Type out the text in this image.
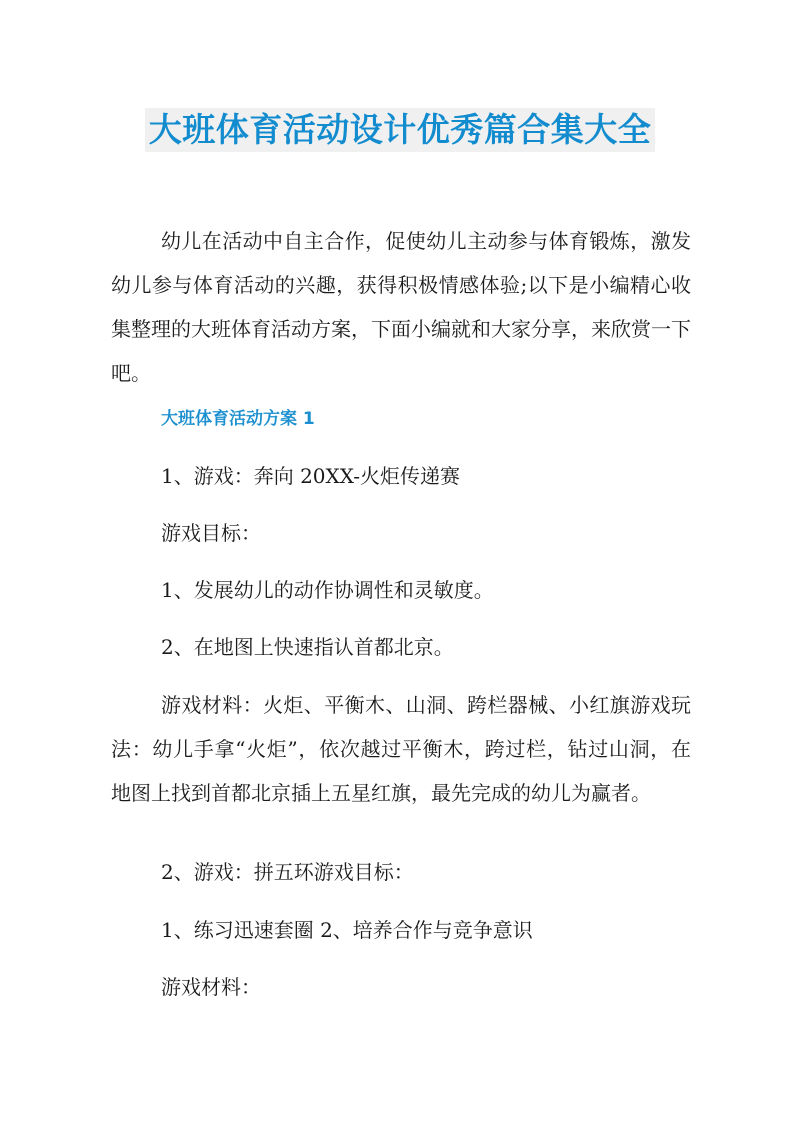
大班体育活动设计优秀篇合集大全

幼儿在活动中自主合作，促使幼儿主动参与体育锻炼，激发幼儿参与体育活动的兴趣，获得积极情感体验;以下是小编精心收集整理的大班体育活动方案，下面小编就和大家分享，来欣赏一下吧。

大班体育活动方案 1

1、游戏：奔向 20XX-火炬传递赛

游戏目标：

1、发展幼儿的动作协调性和灵敏度。

2、在地图上快速指认首都北京。

游戏材料：火炬、平衡木、山洞、跨栏器械、小红旗游戏玩法：幼儿手拿“火炬”，依次越过平衡木，跨过栏，钻过山洞，在地图上找到首都北京插上五星红旗，最先完成的幼儿为赢者。

2、游戏：拼五环游戏目标：

1、练习迅速套圈 2、培养合作与竞争意识

游戏材料：
